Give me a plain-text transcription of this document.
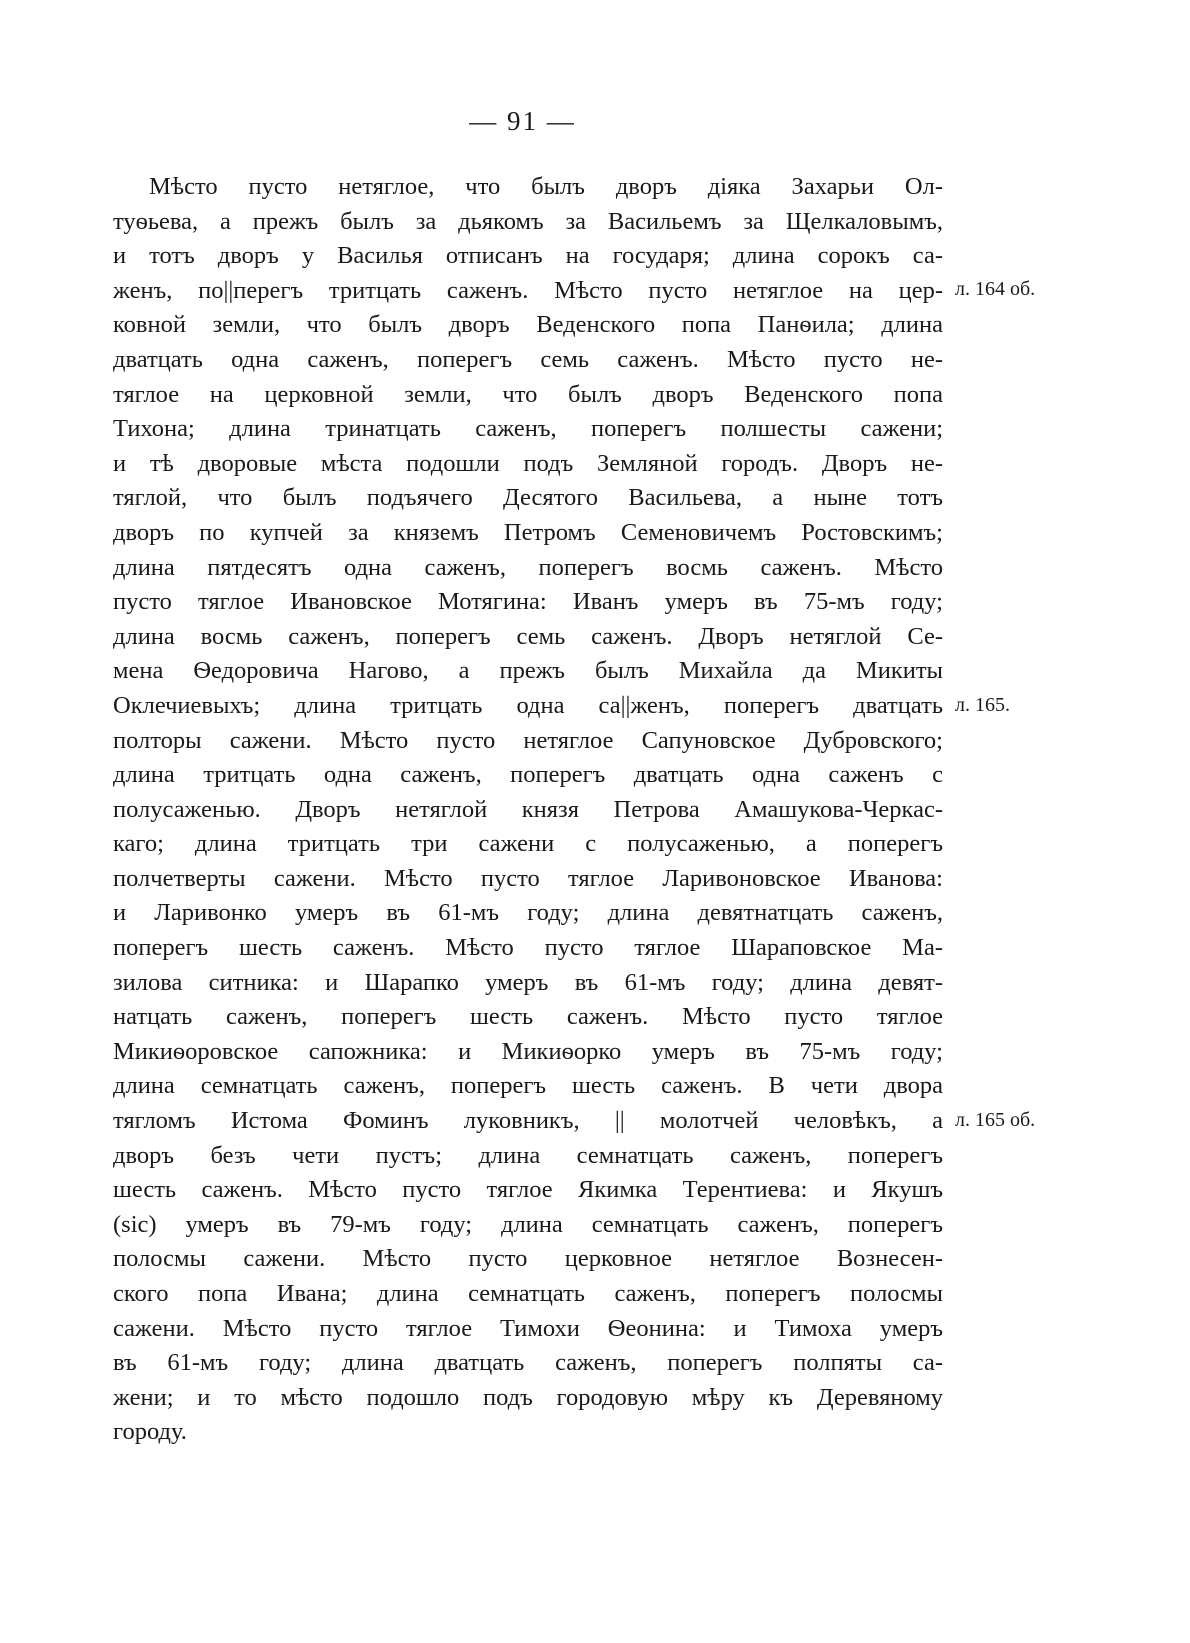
— 91 —
Мѣсто пусто нетяглое, что былъ дворъ діяка Захарьи Ол-
туѳьева, а прежъ былъ за дьякомъ за Васильемъ за Щелкаловымъ,
и тотъ дворъ у Василья отписанъ на государя; длина сорокъ са-
женъ, по||перегъ тритцать саженъ. Мѣсто пусто нетяглое на цер-
ковной земли, что былъ дворъ Веденского попа Панѳила; длина
дватцать одна саженъ, поперегъ семь саженъ. Мѣсто пусто не-
тяглое на церковной земли, что былъ дворъ Веденского попа
Тихона; длина тринатцать саженъ, поперегъ полшесты сажени;
и тѣ дворовые мѣста подошли подъ Земляной городъ. Дворъ не-
тяглой, что былъ подъячего Десятого Васильева, а ныне тотъ
дворъ по купчей за княземъ Петромъ Семеновичемъ Ростовскимъ;
длина пятдесятъ одна саженъ, поперегъ восмь саженъ. Мѣсто
пусто тяглое Ивановское Мотягина: Иванъ умеръ въ 75-мъ году;
длина восмь саженъ, поперегъ семь саженъ. Дворъ нетяглой Се-
мена Ѳедоровича Нагово, а прежъ былъ Михайла да Микиты
Оклечиевыхъ; длина тритцать одна са||женъ, поперегъ дватцать
полторы сажени. Мѣсто пусто нетяглое Сапуновское Дубровского;
длина тритцать одна саженъ, поперегъ дватцать одна саженъ с
полусаженью. Дворъ нетяглой князя Петрова Амашукова-Черкас-
каго; длина тритцать три сажени с полусаженью, а поперегъ
полчетверты сажени. Мѣсто пусто тяглое Ларивоновское Иванова:
и Ларивонко умеръ въ 61-мъ году; длина девятнатцать саженъ,
поперегъ шесть саженъ. Мѣсто пусто тяглое Шараповское Ма-
зилова ситника: и Шарапко умеръ въ 61-мъ году; длина девят-
натцать саженъ, поперегъ шесть саженъ. Мѣсто пусто тяглое
Микиѳоровское сапожника: и Микиѳорко умеръ въ 75-мъ году;
длина семнатцать саженъ, поперегъ шесть саженъ. В чети двора
тягломъ Истома Фоминъ луковникъ, || молотчей человѣкъ, а
дворъ безъ чети пустъ; длина семнатцать саженъ, поперегъ
шесть саженъ. Мѣсто пусто тяглое Якимка Терентиева: и Якушъ
(sic) умеръ въ 79-мъ году; длина семнатцать саженъ, поперегъ
полосмы сажени. Мѣсто пусто церковное нетяглое Вознесен-
ского попа Ивана; длина семнатцать саженъ, поперегъ полосмы
сажени. Мѣсто пусто тяглое Тимохи Ѳеонина: и Тимоха умеръ
въ 61-мъ году; длина дватцать саженъ, поперегъ полпяты са-
жени; и то мѣсто подошло подъ городовую мѣру къ Деревяному
городу.
л. 164 об.
л. 165.
л. 165 об.
